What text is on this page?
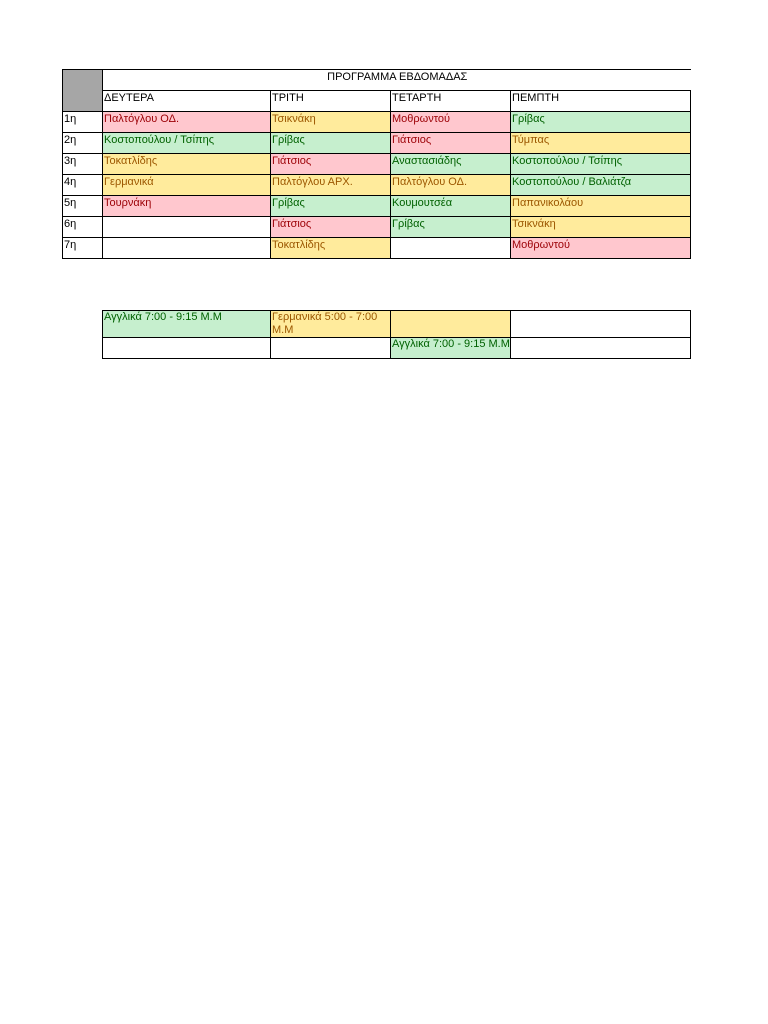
	ΠΡΟΓΡΑΜΜΑ ΕΒΔΟΜΑΔΑΣ			
	ΔΕΥΤΕΡΑ	ΤΡΙΤΗ	ΤΕΤΑΡΤΗ	ΠΕΜΠΤΗ
1η	Παλτόγλου ΟΔ.	Τσικνάκη	Μοθρωντού	Γρίβας
2η	Κοστοπούλου / Τσίπης	Γρίβας	Γιάτσιος	Τύμπας
3η	Τοκατλίδης	Γιάτσιος	Αναστασιάδης	Κοστοπούλου / Τσίπης
4η	Γερμανικά	Παλτόγλου ΑΡΧ.	Παλτόγλου ΟΔ.	Κοστοπούλου / Βαλιάτζα
5η	Τουρνάκη	Γρίβας	Κουμουτσέα	Παπανικολάου
6η		Γιάτσιος	Γρίβας	Τσικνάκη
7η		Τοκατλίδης		Μοθρωντού
Αγγλικά 7:00 - 9:15 Μ.Μ	Γερμανικά 5:00 - 7:00 Μ.Μ		
		Αγγλικά 7:00 - 9:15 Μ.Μ	
